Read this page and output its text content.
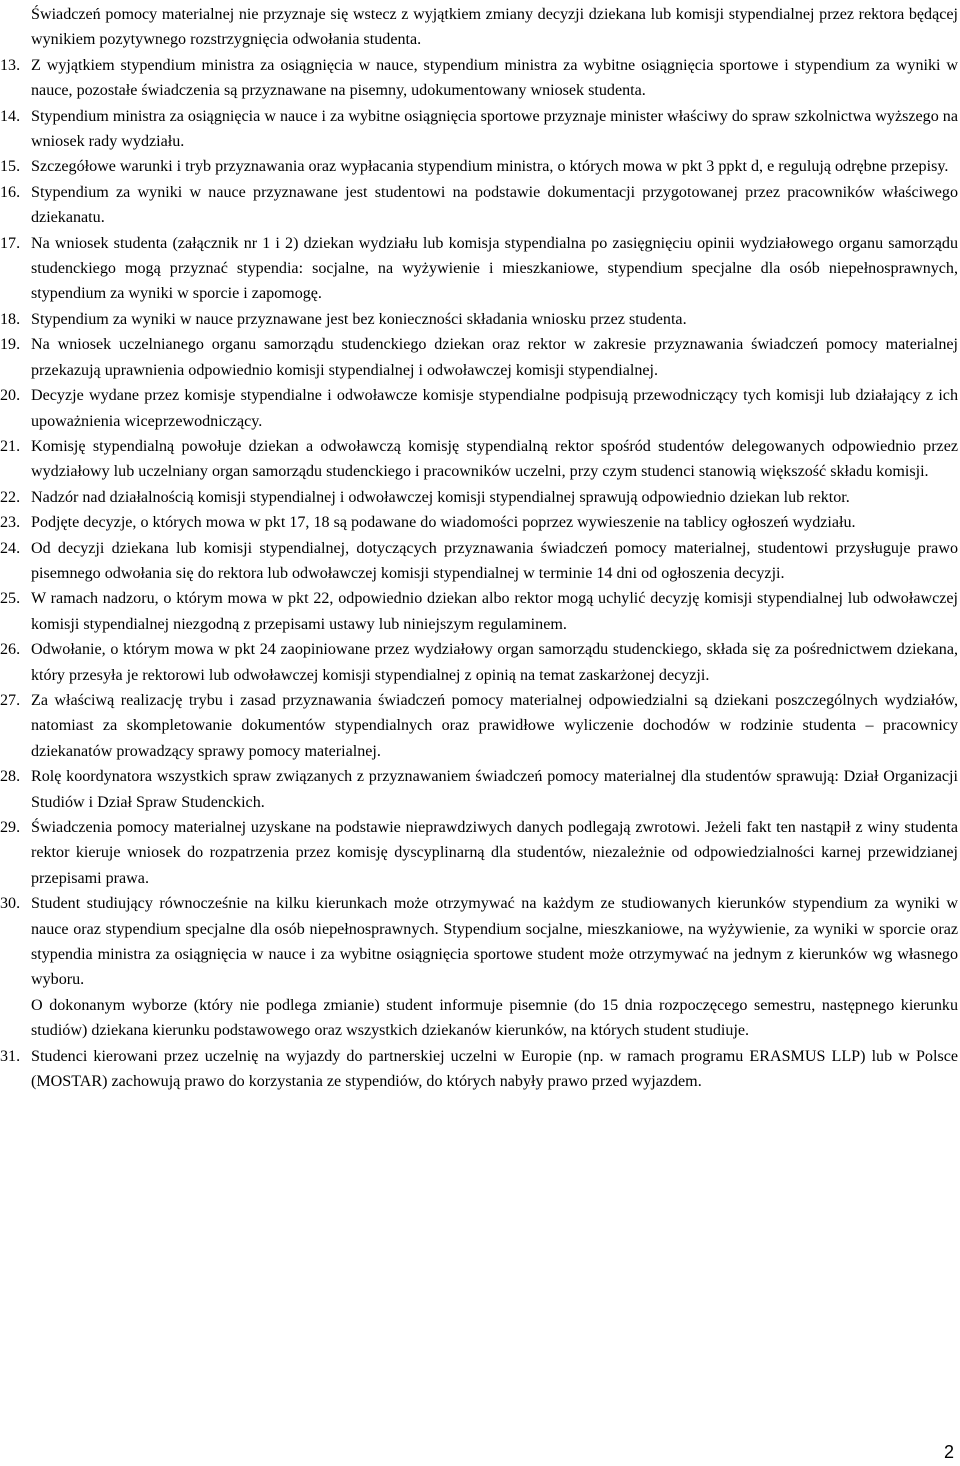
Świadczeń pomocy materialnej nie przyznaje się wstecz z wyjątkiem zmiany decyzji dziekana lub komisji stypendialnej przez rektora będącej wynikiem pozytywnego rozstrzygnięcia odwołania studenta.

13. Z wyjątkiem stypendium ministra za osiągnięcia w nauce, stypendium ministra za wybitne osiągnięcia sportowe i stypendium za wyniki w nauce, pozostałe świadczenia są przyznawane na pisemny, udokumentowany wniosek studenta.

14. Stypendium ministra za osiągnięcia w nauce i za wybitne osiągnięcia sportowe przyznaje minister właściwy do spraw szkolnictwa wyższego na wniosek rady wydziału.

15. Szczegółowe warunki i tryb przyznawania oraz wypłacania stypendium ministra, o których mowa w pkt 3 ppkt d, e regulują odrębne przepisy.

16. Stypendium za wyniki w nauce przyznawane jest studentowi na podstawie dokumentacji przygotowanej przez pracowników właściwego dziekanatu.

17. Na wniosek studenta (załącznik nr 1 i 2) dziekan wydziału lub komisja stypendialna po zasięgnięciu opinii wydziałowego organu samorządu studenckiego mogą przyznać stypendia: socjalne, na wyżywienie i mieszkaniowe, stypendium specjalne dla osób niepełnosprawnych, stypendium za wyniki w sporcie i zapomogę.

18. Stypendium za wyniki w nauce przyznawane jest bez konieczności składania wniosku przez studenta.

19. Na wniosek uczelnianego organu samorządu studenckiego dziekan oraz rektor w zakresie przyznawania świadczeń pomocy materialnej przekazują uprawnienia odpowiednio komisji stypendialnej i odwoławczej komisji stypendialnej.

20. Decyzje wydane przez komisje stypendialne i odwoławcze komisje stypendialne podpisują przewodniczący tych komisji lub działający z ich upoważnienia wiceprzewodniczący.

21. Komisję stypendialną powołuje dziekan a odwoławczą komisję stypendialną rektor spośród studentów delegowanych odpowiednio przez wydziałowy lub uczelniany organ samorządu studenckiego i pracowników uczelni, przy czym studenci stanowią większość składu komisji.

22. Nadzór nad działalnością komisji stypendialnej i odwoławczej komisji stypendialnej sprawują odpowiednio dziekan lub rektor.

23. Podjęte decyzje, o których mowa w pkt 17, 18 są podawane do wiadomości poprzez wywieszenie na tablicy ogłoszeń wydziału.

24. Od decyzji dziekana lub komisji stypendialnej, dotyczących przyznawania świadczeń pomocy materialnej, studentowi przysługuje prawo pisemnego odwołania się do rektora lub odwoławczej komisji stypendialnej w terminie 14 dni od ogłoszenia decyzji.

25. W ramach nadzoru, o którym mowa w pkt 22, odpowiednio dziekan albo rektor mogą uchylić decyzję komisji stypendialnej lub odwoławczej komisji stypendialnej niezgodną z przepisami ustawy lub niniejszym regulaminem.

26. Odwołanie, o którym mowa w pkt 24 zaopiniowane przez wydziałowy organ samorządu studenckiego, składa się za pośrednictwem dziekana, który przesyła je rektorowi lub odwoławczej komisji stypendialnej z opinią na temat zaskarżonej decyzji.

27. Za właściwą realizację trybu i zasad przyznawania świadczeń pomocy materialnej odpowiedzialni są dziekani poszczególnych wydziałów, natomiast za skompletowanie dokumentów stypendialnych oraz prawidłowe wyliczenie dochodów w rodzinie studenta – pracownicy dziekanatów prowadzący sprawy pomocy materialnej.

28. Rolę koordynatora wszystkich spraw związanych z przyznawaniem świadczeń pomocy materialnej dla studentów sprawują: Dział Organizacji Studiów i Dział Spraw Studenckich.

29. Świadczenia pomocy materialnej uzyskane na podstawie nieprawdziwych danych podlegają zwrotowi. Jeżeli fakt ten nastąpił z winy studenta rektor kieruje wniosek do rozpatrzenia przez komisję dyscyplinarną dla studentów, niezależnie od odpowiedzialności karnej przewidzianej przepisami prawa.

30. Student studiujący równocześnie na kilku kierunkach może otrzymywać na każdym ze studiowanych kierunków stypendium za wyniki w nauce oraz stypendium specjalne dla osób niepełnosprawnych. Stypendium socjalne, mieszkaniowe, na wyżywienie, za wyniki w sporcie oraz stypendia ministra za osiągnięcia w nauce i za wybitne osiągnięcia sportowe student może otrzymywać na jednym z kierunków wg własnego wyboru.

O dokonanym wyborze (który nie podlega zmianie) student informuje pisemnie (do 15 dnia rozpoczęcego semestru, następnego kierunku studiów) dziekana kierunku podstawowego oraz wszystkich dziekanów kierunków, na których student studiuje.

31. Studenci kierowani przez uczelnię na wyjazdy do partnerskiej uczelni w Europie (np. w ramach programu ERASMUS LLP) lub w Polsce (MOSTAR) zachowują prawo do korzystania ze stypendiów, do których nabyły prawo przed wyjazdem.

2
